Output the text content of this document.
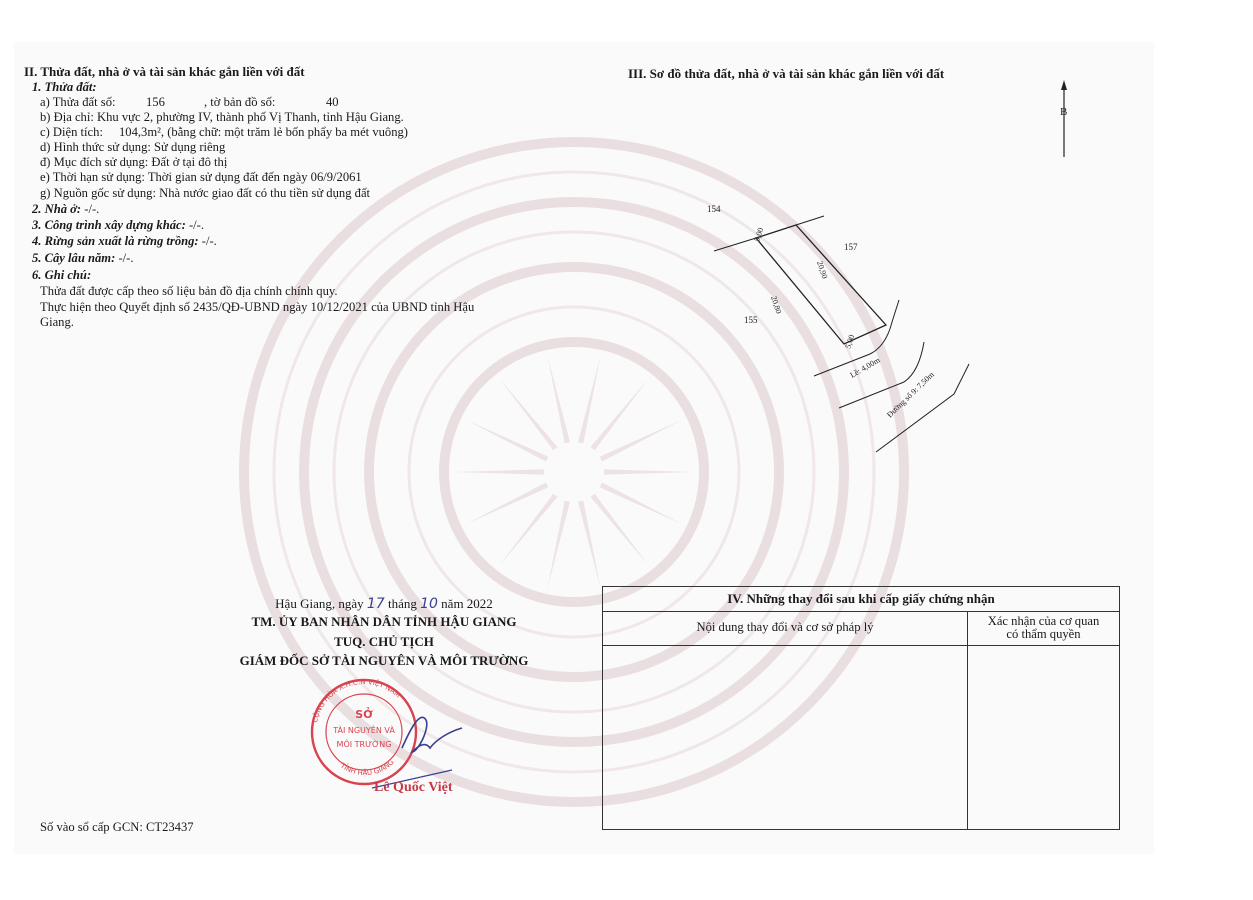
II. Thửa đất, nhà ở và tài sản khác gắn liền với đất
1. Thửa đất:
a) Thửa đất số: 156	, tờ bản đồ số:	40
b) Địa chỉ: Khu vực 2, phường IV, thành phố Vị Thanh, tỉnh Hậu Giang.
c) Diện tích: 104,3m², (bằng chữ: một trăm lẻ bốn phẩy ba mét vuông)
d) Hình thức sử dụng: Sử dụng riêng
đ) Mục đích sử dụng: Đất ở tại đô thị
e) Thời hạn sử dụng: Thời gian sử dụng đất đến ngày 06/9/2061
g) Nguồn gốc sử dụng: Nhà nước giao đất có thu tiền sử dụng đất
2. Nhà ở: -/-.
3. Công trình xây dựng khác: -/-.
4. Rừng sản xuất là rừng trồng: -/-.
5. Cây lâu năm: -/-.
6. Ghi chú:
Thửa đất được cấp theo số liệu bản đồ địa chính chính quy.
Thực hiện theo Quyết định số 2435/QĐ-UBND ngày 10/12/2021 của UBND tỉnh Hậu
Giang.
III. Sơ đồ thửa đất, nhà ở và tài sản khác gắn liền với đất
B
154
157
155
5,00
20,90
20,80
5,00
Lề: 4,00m
Đường số 9: 7,50m
Hậu Giang, ngày 17 tháng 10 năm 2022
TM. ỦY BAN NHÂN DÂN TỈNH HẬU GIANG
TUQ. CHỦ TỊCH
GIÁM ĐỐC SỞ TÀI NGUYÊN VÀ MÔI TRƯỜNG
CỘNG HÒA X.H.C.N VIỆT NAM
TỈNH HẬU GIANG
SỞ
TÀI NGUYÊN VÀ
MÔI TRƯỜNG
Lê Quốc Việt
Số vào sổ cấp GCN: CT23437
IV. Những thay đổi sau khi cấp giấy chứng nhận
Nội dung thay đổi và cơ sở pháp lý	Xác nhận của cơ quan
có thẩm quyền
